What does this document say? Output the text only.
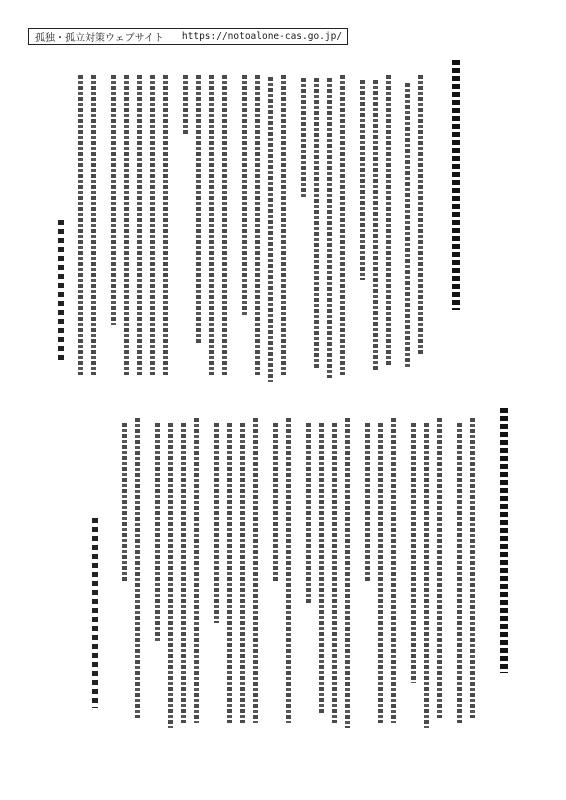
孤独・孤立対策ウェブサイト https://notoalone-cas.go.jp/
